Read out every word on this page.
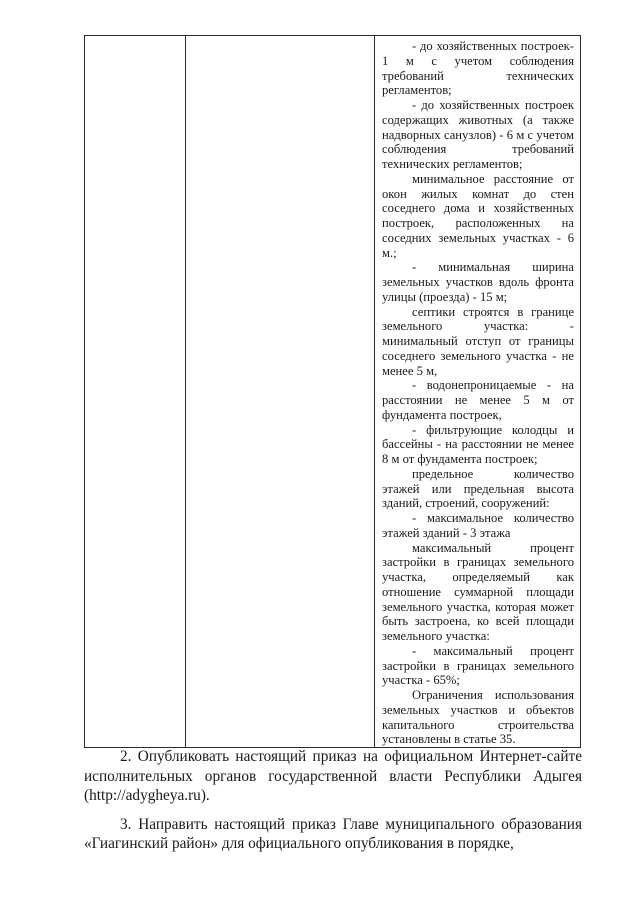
- до хозяйственных построек- 1 м с учетом соблюдения требований технических регламентов;

- до хозяйственных построек содержащих животных (а также надворных санузлов) - 6 м с учетом соблюдения требований технических регламентов;

минимальное расстояние от окон жилых комнат до стен соседнего дома и хозяйственных построек, расположенных на соседних земельных участках - 6 м.;

- минимальная ширина земельных участков вдоль фронта улицы (проезда) - 15 м;

септики строятся в границе земельного участка: - минимальный отступ от границы соседнего земельного участка - не менее 5 м,

- водонепроницаемые - на расстоянии не менее 5 м от фундамента построек,

- фильтрующие колодцы и бассейны - на расстоянии не менее 8 м от фундамента построек;

предельное количество этажей или предельная высота зданий, строений, сооружений:

- максимальное количество этажей зданий - 3 этажа

максимальный процент застройки в границах земельного участка, определяемый как отношение суммарной площади земельного участка, которая может быть застроена, ко всей площади земельного участка:

- максимальный процент застройки в границах земельного участка - 65%;

Ограничения использования земельных участков и объектов капитального строительства установлены в статье 35.

2. Опубликовать настоящий приказ на официальном Интернет-сайте исполнительных органов государственной власти Республики Адыгея (http://adygheya.ru).

3. Направить настоящий приказ Главе муниципального образования «Гиагинский район» для официального опубликования в порядке,
